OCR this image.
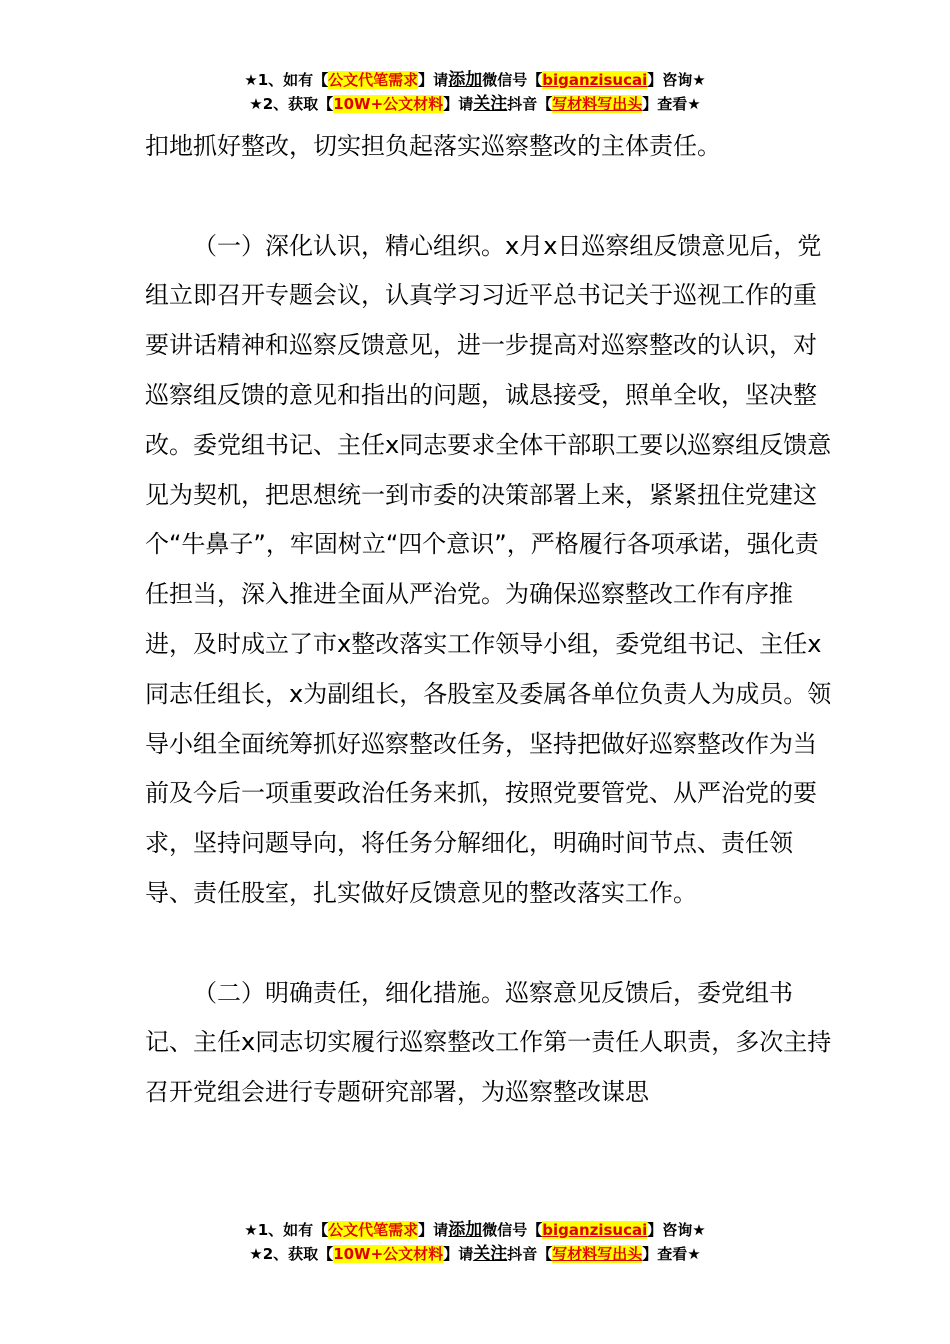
★1、如有【公文代笔需求】请添加微信号【biganzisucai】咨询★
★2、获取【10W+公文材料】请关注抖音【写材料写出头】查看★

扣地抓好整改，切实担负起落实巡察整改的主体责任。

（一）深化认识，精心组织。x月x日巡察组反馈意见后，党组立即召开专题会议，认真学习习近平总书记关于巡视工作的重要讲话精神和巡察反馈意见，进一步提高对巡察整改的认识，对巡察组反馈的意见和指出的问题，诚恳接受，照单全收，坚决整改。委党组书记、主任x同志要求全体干部职工要以巡察组反馈意见为契机，把思想统一到市委的决策部署上来，紧紧扭住党建这个“牛鼻子”，牢固树立“四个意识”，严格履行各项承诺，强化责任担当，深入推进全面从严治党。为确保巡察整改工作有序推进，及时成立了市x整改落实工作领导小组，委党组书记、主任x同志任组长，x为副组长，各股室及委属各单位负责人为成员。领导小组全面统筹抓好巡察整改任务，坚持把做好巡察整改作为当前及今后一项重要政治任务来抓，按照党要管党、从严治党的要求，坚持问题导向，将任务分解细化，明确时间节点、责任领导、责任股室，扎实做好反馈意见的整改落实工作。

（二）明确责任，细化措施。巡察意见反馈后，委党组书记、主任x同志切实履行巡察整改工作第一责任人职责，多次主持召开党组会进行专题研究部署，为巡察整改谋思

★1、如有【公文代笔需求】请添加微信号【biganzisucai】咨询★
★2、获取【10W+公文材料】请关注抖音【写材料写出头】查看★
